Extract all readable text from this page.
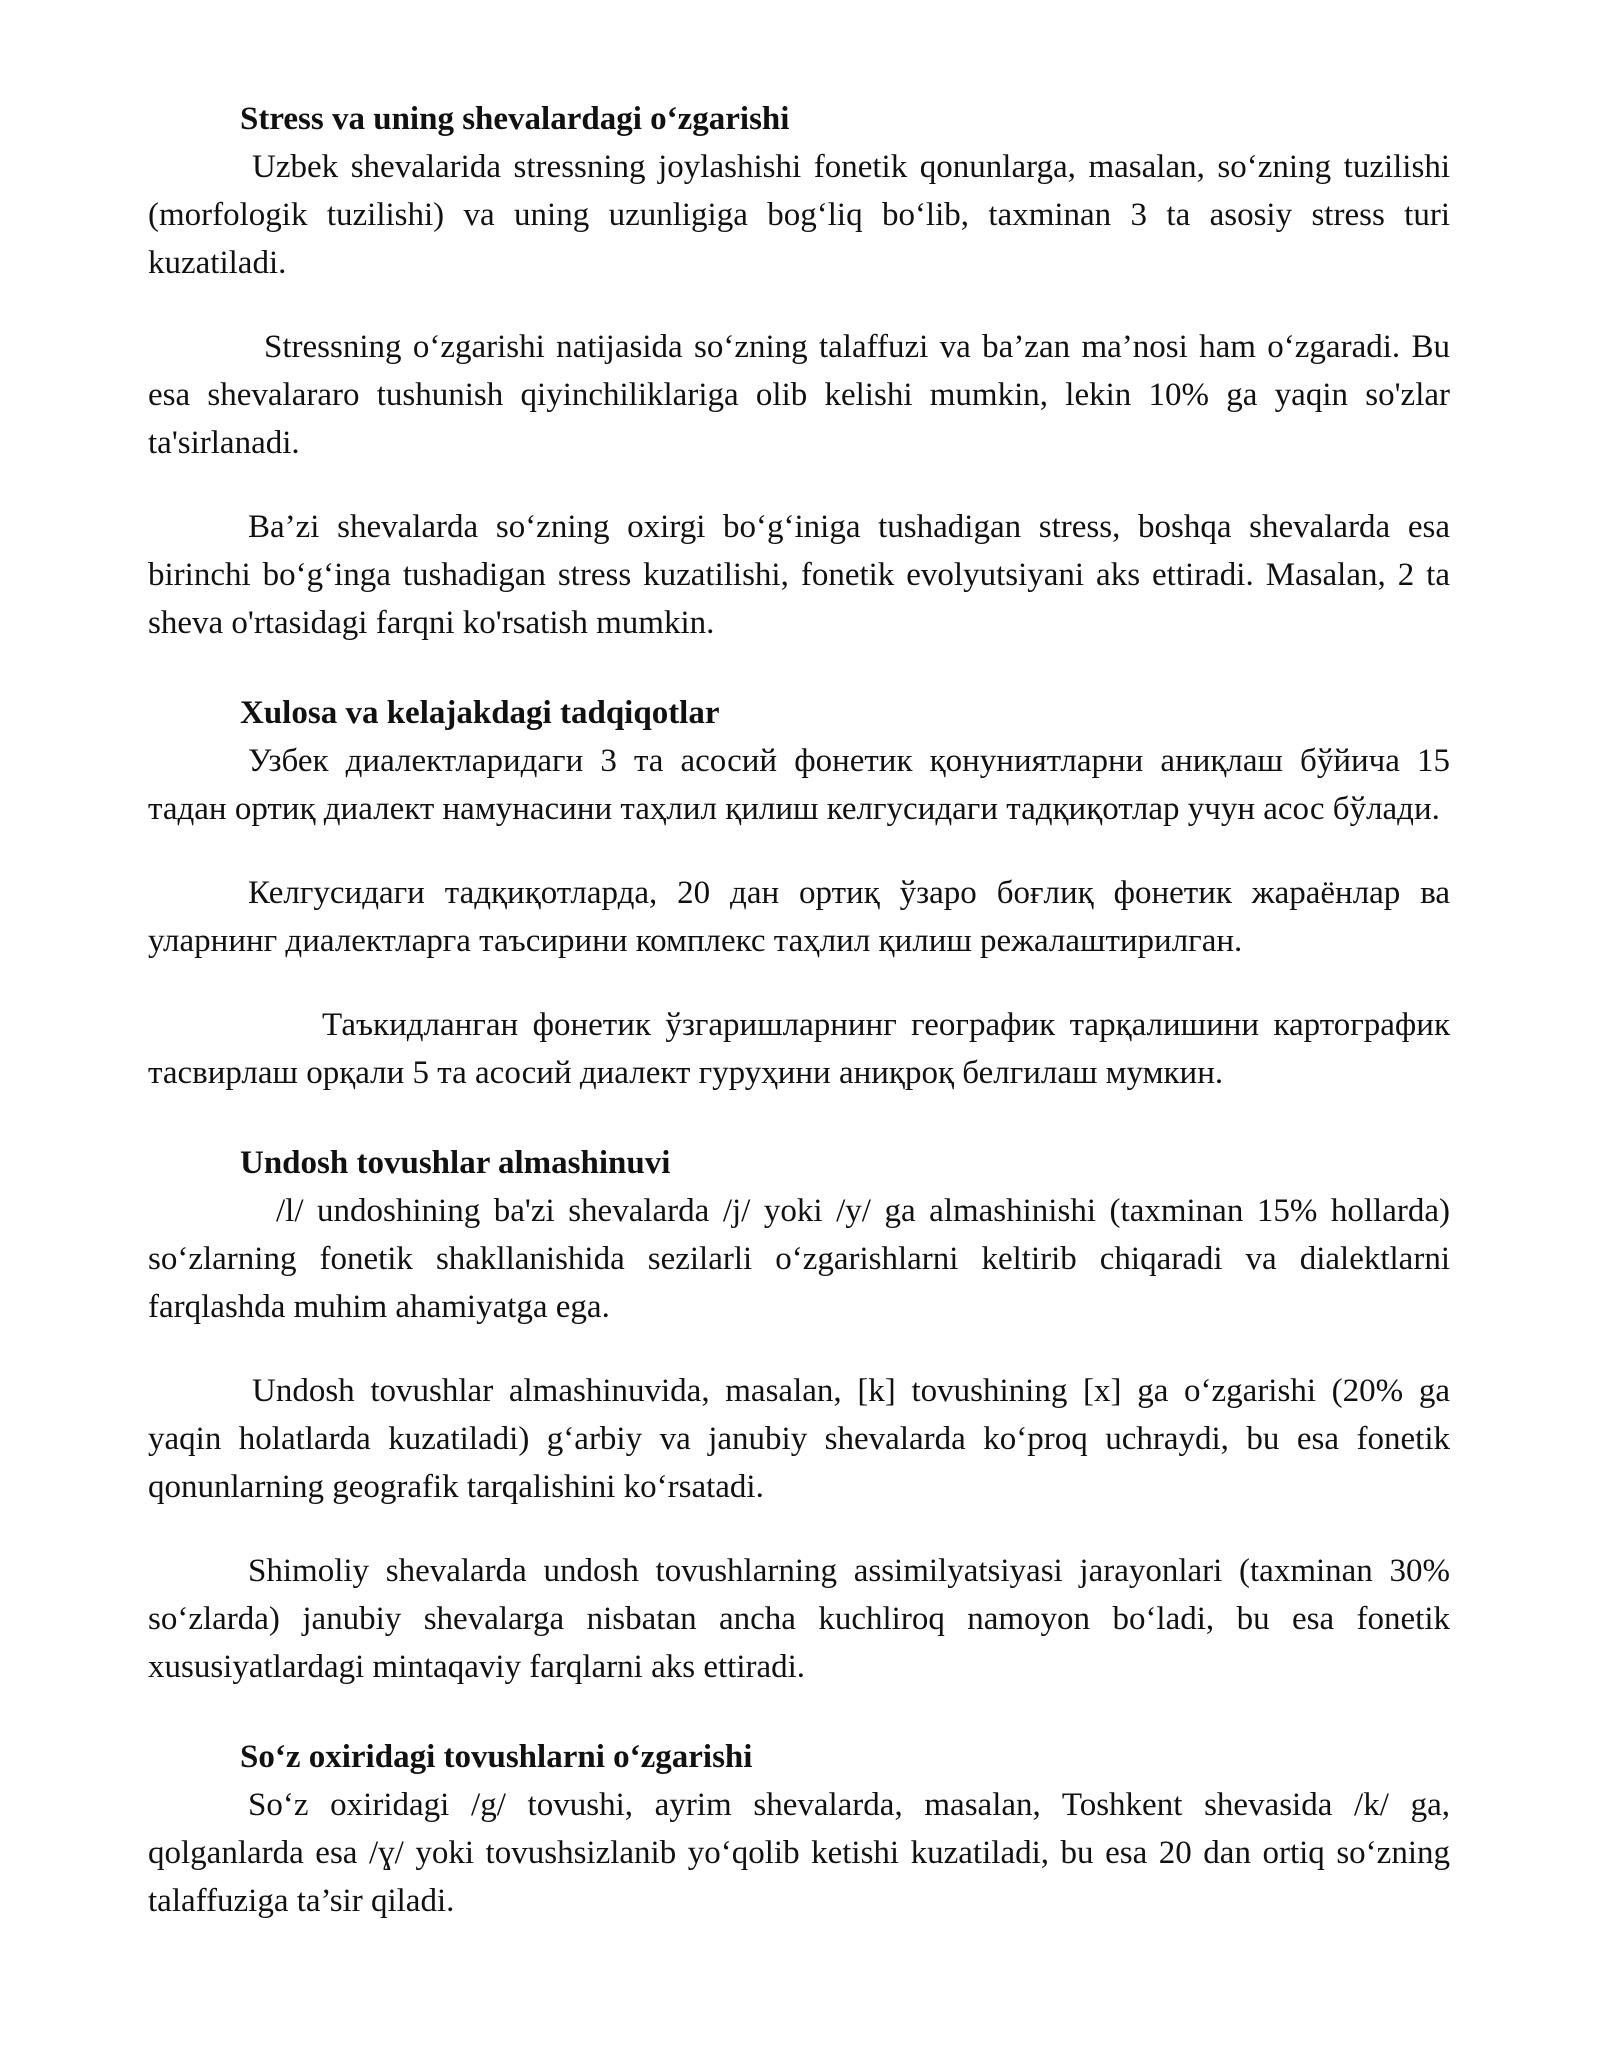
Stress va uning shevalardagi o‘zgarishi

Uzbek shevalarida stressning joylashishi fonetik qonunlarga, masalan, so‘zning tuzilishi (morfologik tuzilishi) va uning uzunligiga bog‘liq bo‘lib, taxminan 3 ta asosiy stress turi kuzatiladi.

Stressning o‘zgarishi natijasida so‘zning talaffuzi va ba’zan ma’nosi ham o‘zgaradi. Bu esa shevalararo tushunish qiyinchiliklariga olib kelishi mumkin, lekin 10% ga yaqin so'zlar ta'sirlanadi.

Ba’zi shevalarda so‘zning oxirgi bo‘g‘iniga tushadigan stress, boshqa shevalarda esa birinchi bo‘g‘inga tushadigan stress kuzatilishi, fonetik evolyutsiyani aks ettiradi. Masalan, 2 ta sheva o'rtasidagi farqni ko'rsatish mumkin.

Xulosa va kelajakdagi tadqiqotlar

Узбек диалектларидаги 3 та асосий фонетик қонуниятларни аниқлаш бўйича 15 тадан ортиқ диалект намунасини таҳлил қилиш келгусидаги тадқиқотлар учун асос бўлади.

Келгусидаги тадқиқотларда, 20 дан ортиқ ўзаро боғлиқ фонетик жараёнлар ва уларнинг диалектларга таъсирини комплекс таҳлил қилиш режалаштирилган.

Таъкидланган фонетик ўзгаришларнинг географик тарқалишини картографик тасвирлаш орқали 5 та асосий диалект гуруҳини аниқроқ белгилаш мумкин.

Undosh tovushlar almashinuvi

/l/ undoshining ba'zi shevalarda /j/ yoki /y/ ga almashinishi (taxminan 15% hollarda) so‘zlarning fonetik shakllanishida sezilarli o‘zgarishlarni keltirib chiqaradi va dialektlarni farqlashda muhim ahamiyatga ega.

Undosh tovushlar almashinuvida, masalan, [k] tovushining [x] ga o‘zgarishi (20% ga yaqin holatlarda kuzatiladi) g‘arbiy va janubiy shevalarda ko‘proq uchraydi, bu esa fonetik qonunlarning geografik tarqalishini ko‘rsatadi.

Shimoliy shevalarda undosh tovushlarning assimilyatsiyasi jarayonlari (taxminan 30% so‘zlarda) janubiy shevalarga nisbatan ancha kuchliroq namoyon bo‘ladi, bu esa fonetik xususiyatlardagi mintaqaviy farqlarni aks ettiradi.

So‘z oxiridagi tovushlarni o‘zgarishi

So‘z oxiridagi /g/ tovushi, ayrim shevalarda, masalan, Toshkent shevasida /k/ ga, qolganlarda esa /ɣ/ yoki tovushsizlanib yo‘qolib ketishi kuzatiladi, bu esa 20 dan ortiq so‘zning talaffuziga ta’sir qiladi.
